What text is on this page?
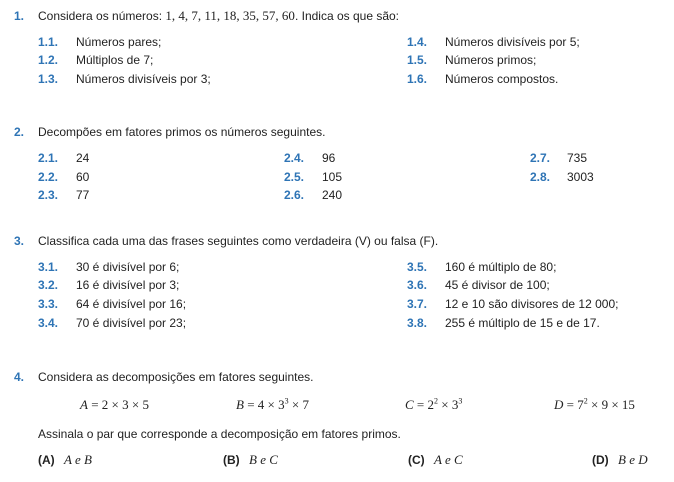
1. Considera os números: 1, 4, 7, 11, 18, 35, 57, 60. Indica os que são:
1.1. Números pares;
1.2. Múltiplos de 7;
1.3. Números divisíveis por 3;
1.4. Números divisíveis por 5;
1.5. Números primos;
1.6. Números compostos.
2. Decompões em fatores primos os números seguintes.
2.1. 24
2.2. 60
2.3. 77
2.4. 96
2.5. 105
2.6. 240
2.7. 735
2.8. 3003
3. Classifica cada uma das frases seguintes como verdadeira (V) ou falsa (F).
3.1. 30 é divisível por 6;
3.2. 16 é divisível por 3;
3.3. 64 é divisível por 16;
3.4. 70 é divisível por 23;
3.5. 160 é múltiplo de 80;
3.6. 45 é divisor de 100;
3.7. 12 e 10 são divisores de 12 000;
3.8. 255 é múltiplo de 15 e de 17.
4. Considera as decomposições em fatores seguintes.
A = 2 × 3 × 5	$B = 4 \times 3^3 \times 7$	$C = 2^2 \times 3^3$	$D = 7^2 \times 9 \times 15$
Assinala o par que corresponde a decomposição em fatores primos.
(A) A e B	(B) B e C	(C) A e C	(D) B e D
